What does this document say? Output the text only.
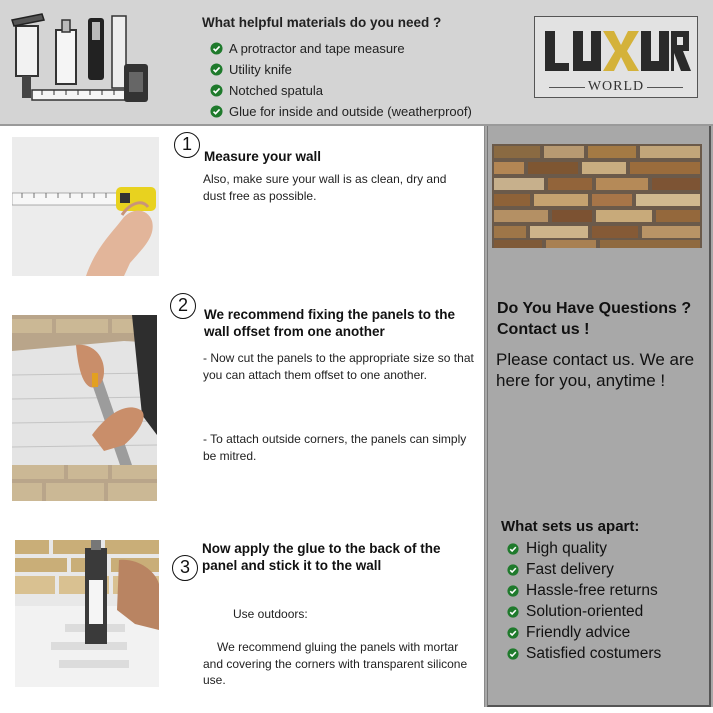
What helpful materials do you need ?
A protractor and tape measure
Utility knife
Notched spatula
Glue for inside and outside (weatherproof)
WORLD
Do You Have Questions ? Contact us !
Please contact us. We are here for you, anytime !
What sets us apart:
High quality
Fast delivery
Hassle-free returns
Solution-oriented
Friendly advice
Satisfied costumers
1
Measure your wall
Also, make sure your wall is as clean, dry and dust free as possible.
2	We recommend fixing the panels to the wall offset from one another
- Now cut the panels to the appropriate size so that you can attach them offset to one another.
- To attach outside corners, the panels can simply be mitred.
3
Now apply the glue to the back of the panel and stick it to the wall
Use outdoors:
We recommend gluing the panels with mortar and covering the corners with transparent silicone use.
